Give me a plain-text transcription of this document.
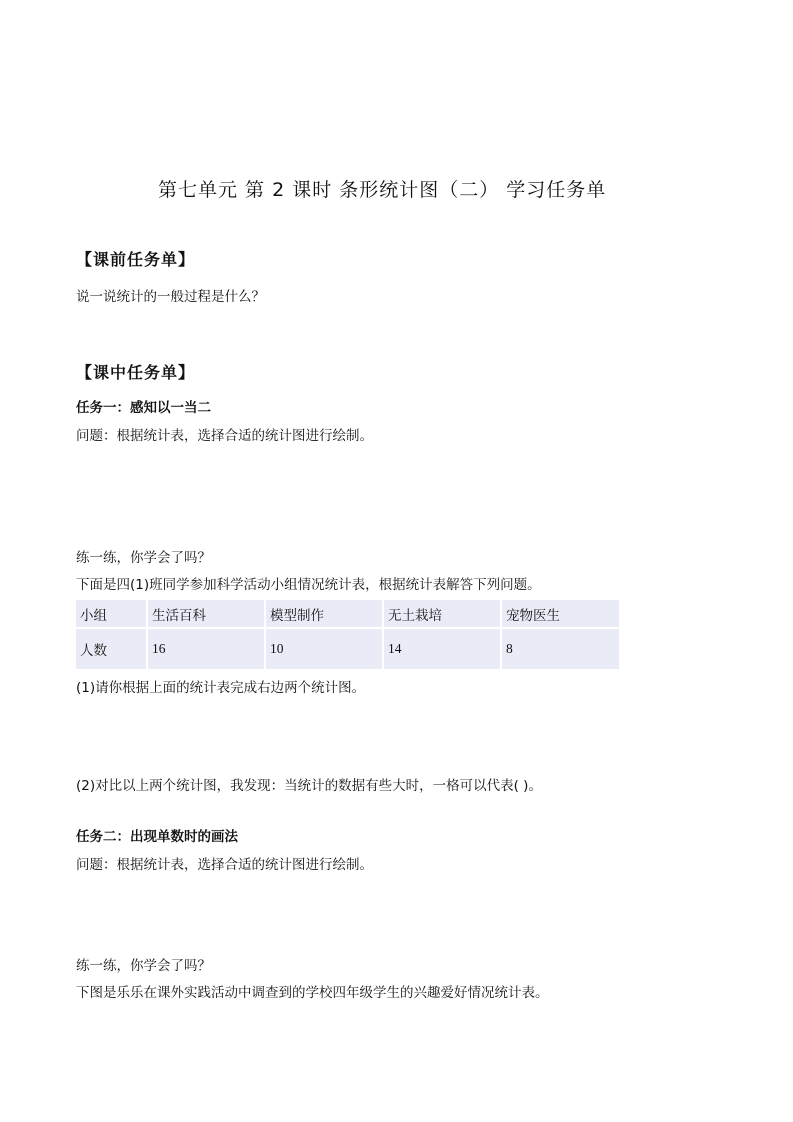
第七单元 第 2 课时 条形统计图（二） 学习任务单
【课前任务单】
说一说统计的一般过程是什么？
【课中任务单】
任务一：感知以一当二
问题：根据统计表，选择合适的统计图进行绘制。
练一练，你学会了吗？
下面是四(1)班同学参加科学活动小组情况统计表，根据统计表解答下列问题。
小组	生活百科	模型制作	无土栽培	宠物医生
人数	16	10	14	8
(1)请你根据上面的统计表完成右边两个统计图。
(2)对比以上两个统计图，我发现：当统计的数据有些大时，一格可以代表( )。
任务二：出现单数时的画法
问题：根据统计表，选择合适的统计图进行绘制。
练一练，你学会了吗？
下图是乐乐在课外实践活动中调查到的学校四年级学生的兴趣爱好情况统计表。
